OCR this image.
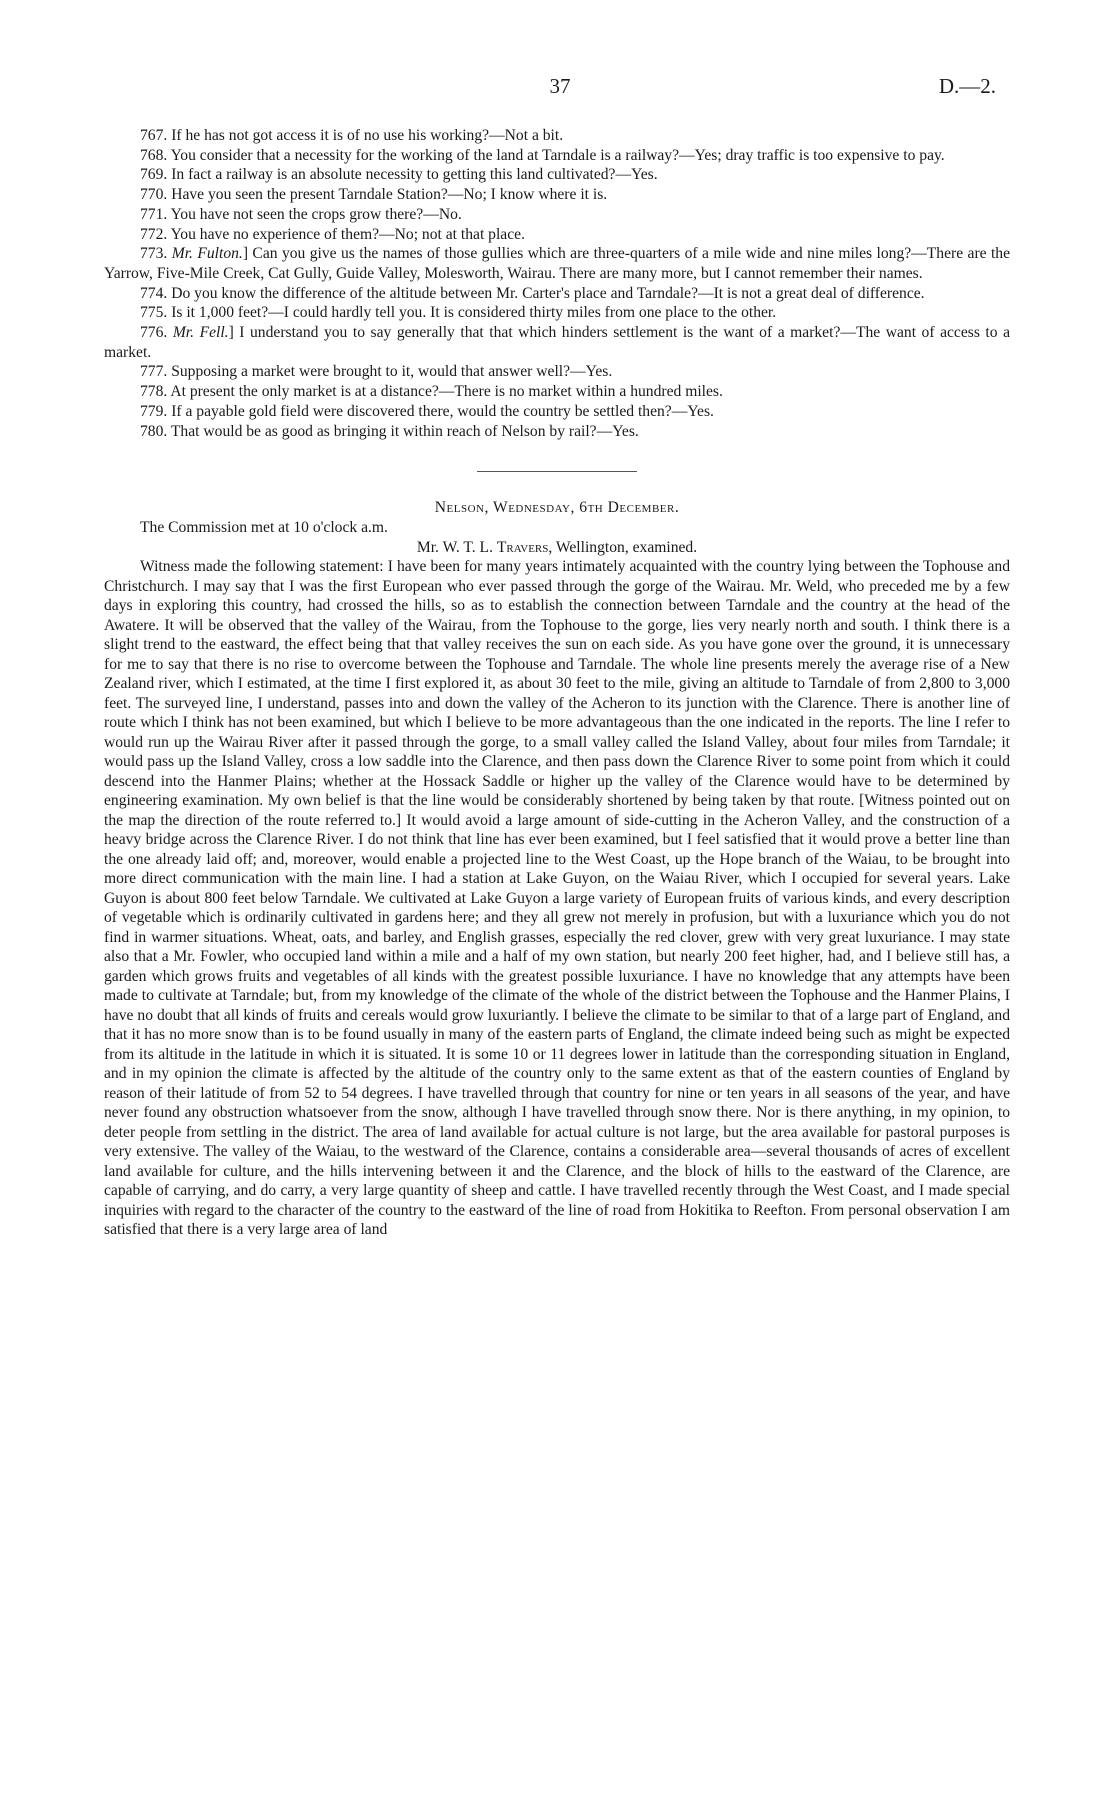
37	D.—2.

767. If he has not got access it is of no use his working?—Not a bit.

768. You consider that a necessity for the working of the land at Tarndale is a railway?—Yes; dray traffic is too expensive to pay.

769. In fact a railway is an absolute necessity to getting this land cultivated?—Yes.

770. Have you seen the present Tarndale Station?—No; I know where it is.

771. You have not seen the crops grow there?—No.

772. You have no experience of them?—No; not at that place.

773. Mr. Fulton.] Can you give us the names of those gullies which are three-quarters of a mile wide and nine miles long?—There are the Yarrow, Five-Mile Creek, Cat Gully, Guide Valley, Molesworth, Wairau. There are many more, but I cannot remember their names.

774. Do you know the difference of the altitude between Mr. Carter's place and Tarndale?—It is not a great deal of difference.

775. Is it 1,000 feet?—I could hardly tell you. It is considered thirty miles from one place to the other.

776. Mr. Fell.] I understand you to say generally that that which hinders settlement is the want of a market?—The want of access to a market.

777. Supposing a market were brought to it, would that answer well?—Yes.

778. At present the only market is at a distance?—There is no market within a hundred miles.

779. If a payable gold field were discovered there, would the country be settled then?—Yes.

780. That would be as good as bringing it within reach of Nelson by rail?—Yes.

Nelson, Wednesday, 6th December.

The Commission met at 10 o'clock a.m.

Mr. W. T. L. Travers, Wellington, examined.

Witness made the following statement: I have been for many years intimately acquainted with the country lying between the Tophouse and Christchurch. I may say that I was the first European who ever passed through the gorge of the Wairau. Mr. Weld, who preceded me by a few days in exploring this country, had crossed the hills, so as to establish the connection between Tarndale and the country at the head of the Awatere. It will be observed that the valley of the Wairau, from the Tophouse to the gorge, lies very nearly north and south. I think there is a slight trend to the eastward, the effect being that that valley receives the sun on each side. As you have gone over the ground, it is unnecessary for me to say that there is no rise to overcome between the Tophouse and Tarndale. The whole line presents merely the average rise of a New Zealand river, which I estimated, at the time I first explored it, as about 30 feet to the mile, giving an altitude to Tarndale of from 2,800 to 3,000 feet. The surveyed line, I understand, passes into and down the valley of the Acheron to its junction with the Clarence. There is another line of route which I think has not been examined, but which I believe to be more advantageous than the one indicated in the reports. The line I refer to would run up the Wairau River after it passed through the gorge, to a small valley called the Island Valley, about four miles from Tarndale; it would pass up the Island Valley, cross a low saddle into the Clarence, and then pass down the Clarence River to some point from which it could descend into the Hanmer Plains; whether at the Hossack Saddle or higher up the valley of the Clarence would have to be determined by engineering examination. My own belief is that the line would be considerably shortened by being taken by that route. [Witness pointed out on the map the direction of the route referred to.] It would avoid a large amount of side-cutting in the Acheron Valley, and the construction of a heavy bridge across the Clarence River. I do not think that line has ever been examined, but I feel satisfied that it would prove a better line than the one already laid off; and, moreover, would enable a projected line to the West Coast, up the Hope branch of the Waiau, to be brought into more direct communication with the main line. I had a station at Lake Guyon, on the Waiau River, which I occupied for several years. Lake Guyon is about 800 feet below Tarndale. We cultivated at Lake Guyon a large variety of European fruits of various kinds, and every description of vegetable which is ordinarily cultivated in gardens here; and they all grew not merely in profusion, but with a luxuriance which you do not find in warmer situations. Wheat, oats, and barley, and English grasses, especially the red clover, grew with very great luxuriance. I may state also that a Mr. Fowler, who occupied land within a mile and a half of my own station, but nearly 200 feet higher, had, and I believe still has, a garden which grows fruits and vegetables of all kinds with the greatest possible luxuriance. I have no knowledge that any attempts have been made to cultivate at Tarndale; but, from my knowledge of the climate of the whole of the district between the Tophouse and the Hanmer Plains, I have no doubt that all kinds of fruits and cereals would grow luxuriantly. I believe the climate to be similar to that of a large part of England, and that it has no more snow than is to be found usually in many of the eastern parts of England, the climate indeed being such as might be expected from its altitude in the latitude in which it is situated. It is some 10 or 11 degrees lower in latitude than the corresponding situation in England, and in my opinion the climate is affected by the altitude of the country only to the same extent as that of the eastern counties of England by reason of their latitude of from 52 to 54 degrees. I have travelled through that country for nine or ten years in all seasons of the year, and have never found any obstruction whatsoever from the snow, although I have travelled through snow there. Nor is there anything, in my opinion, to deter people from settling in the district. The area of land available for actual culture is not large, but the area available for pastoral purposes is very extensive. The valley of the Waiau, to the westward of the Clarence, contains a considerable area—several thousands of acres of excellent land available for culture, and the hills intervening between it and the Clarence, and the block of hills to the eastward of the Clarence, are capable of carrying, and do carry, a very large quantity of sheep and cattle. I have travelled recently through the West Coast, and I made special inquiries with regard to the character of the country to the eastward of the line of road from Hokitika to Reefton. From personal observation I am satisfied that there is a very large area of land
